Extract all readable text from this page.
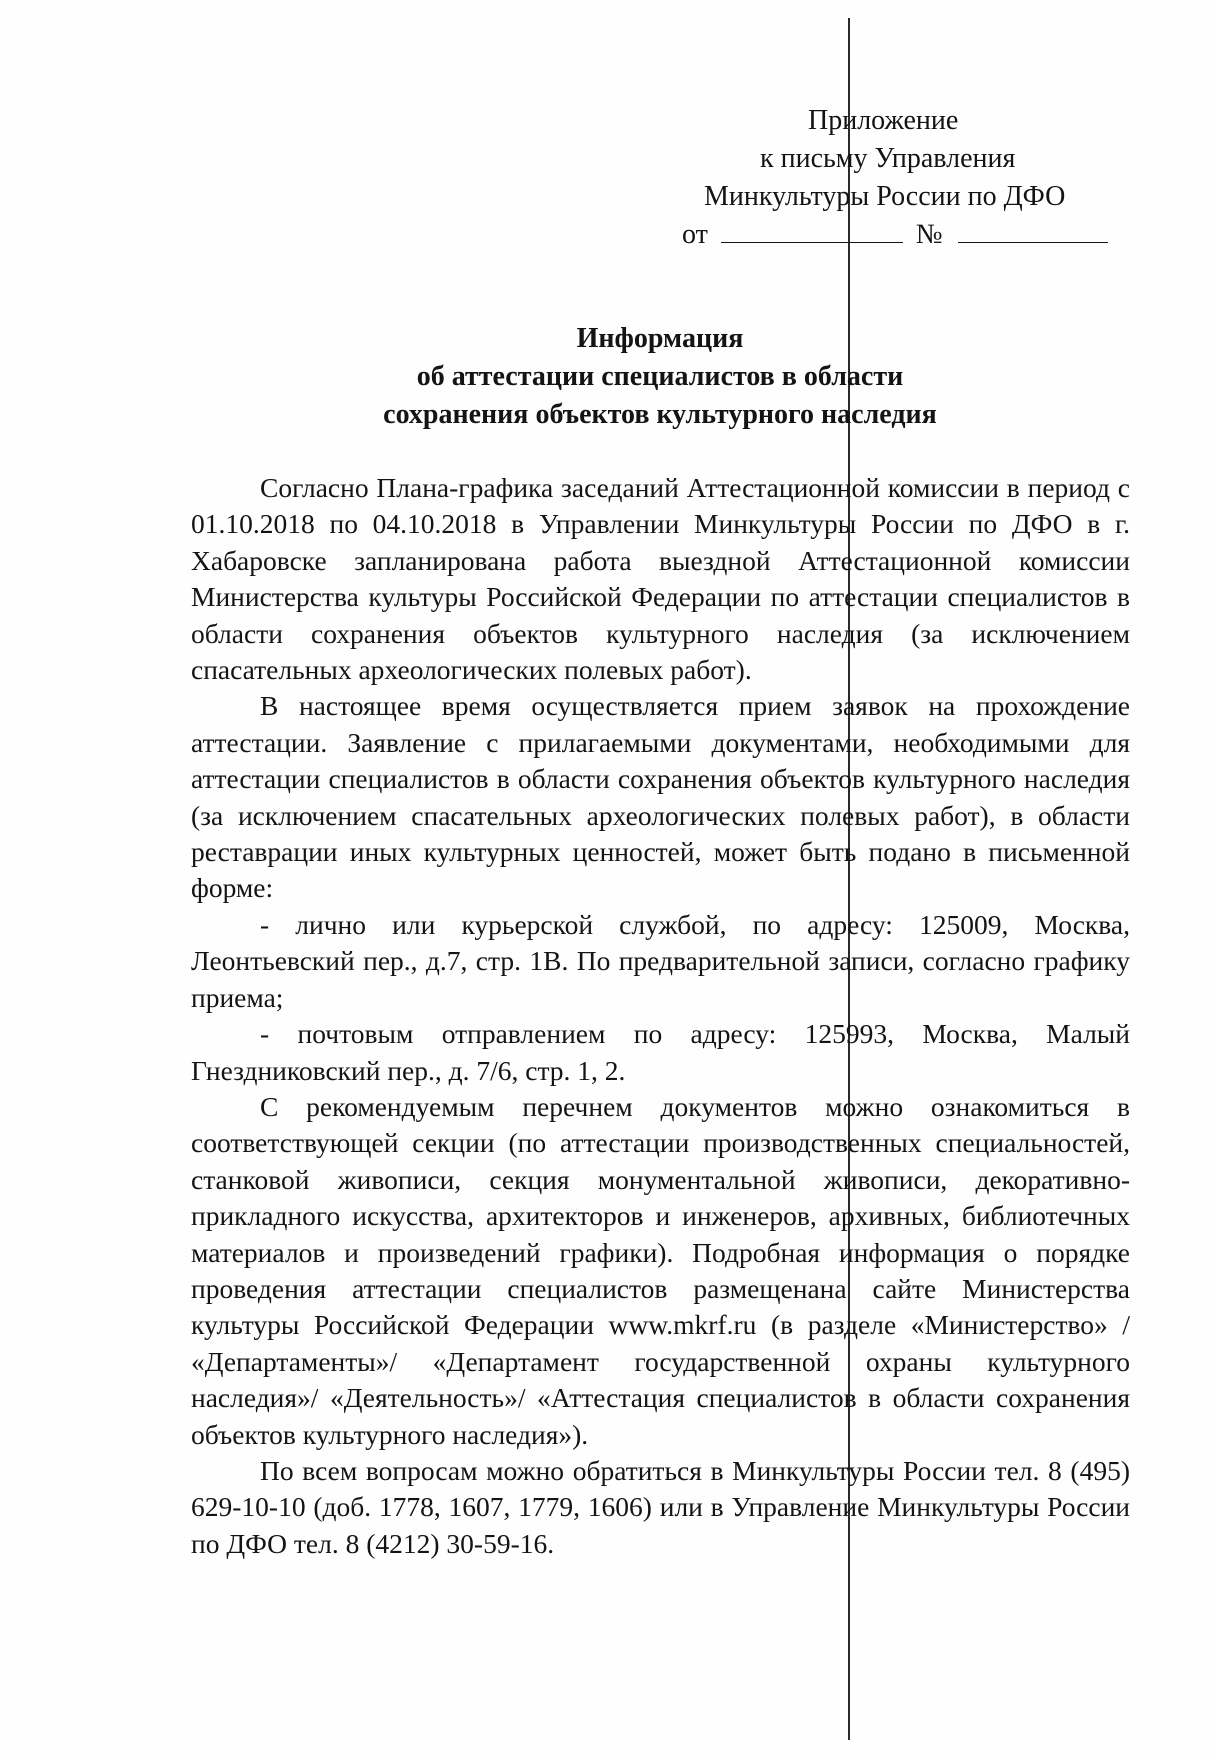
Приложение
к письму Управления
Минкультуры России по ДФО
от	№
Информация
об аттестации специалистов в области
сохранения объектов культурного наследия

Согласно Плана-графика заседаний Аттестационной комиссии в период с 01.10.2018 по 04.10.2018 в Управлении Минкультуры России по ДФО в г. Хабаровске запланирована работа выездной Аттестационной комиссии Министерства культуры Российской Федерации по аттестации специалистов в области сохранения объектов культурного наследия (за исключением спасательных археологических полевых работ).

В настоящее время осуществляется прием заявок на прохождение аттестации. Заявление с прилагаемыми документами, необходимыми для аттестации специалистов в области сохранения объектов культурного наследия (за исключением спасательных археологических полевых работ), в области реставрации иных культурных ценностей, может быть подано в письменной форме:

- лично или курьерской службой, по адресу: 125009, Москва, Леонтьевский пер., д.7, стр. 1В. По предварительной записи, согласно графику приема;

- почтовым отправлением по адресу: 125993, Москва, Малый Гнездниковский пер., д. 7/6, стр. 1, 2.

С рекомендуемым перечнем документов можно ознакомиться в соответствующей секции (по аттестации производственных специальностей, станковой живописи, секция монументальной живописи, декоративно-прикладного искусства, архитекторов и инженеров, архивных, библиотечных материалов и произведений графики). Подробная информация о порядке проведения аттестации специалистов размещенана сайте Министерства культуры Российской Федерации www.mkrf.ru (в разделе «Министерство» / «Департаменты»/ «Департамент государственной охраны культурного наследия»/ «Деятельность»/ «Аттестация специалистов в области сохранения объектов культурного наследия»).

По всем вопросам можно обратиться в Минкультуры России тел. 8 (495) 629-10-10 (доб. 1778, 1607, 1779, 1606) или в Управление Минкультуры России по ДФО тел. 8 (4212) 30-59-16.
